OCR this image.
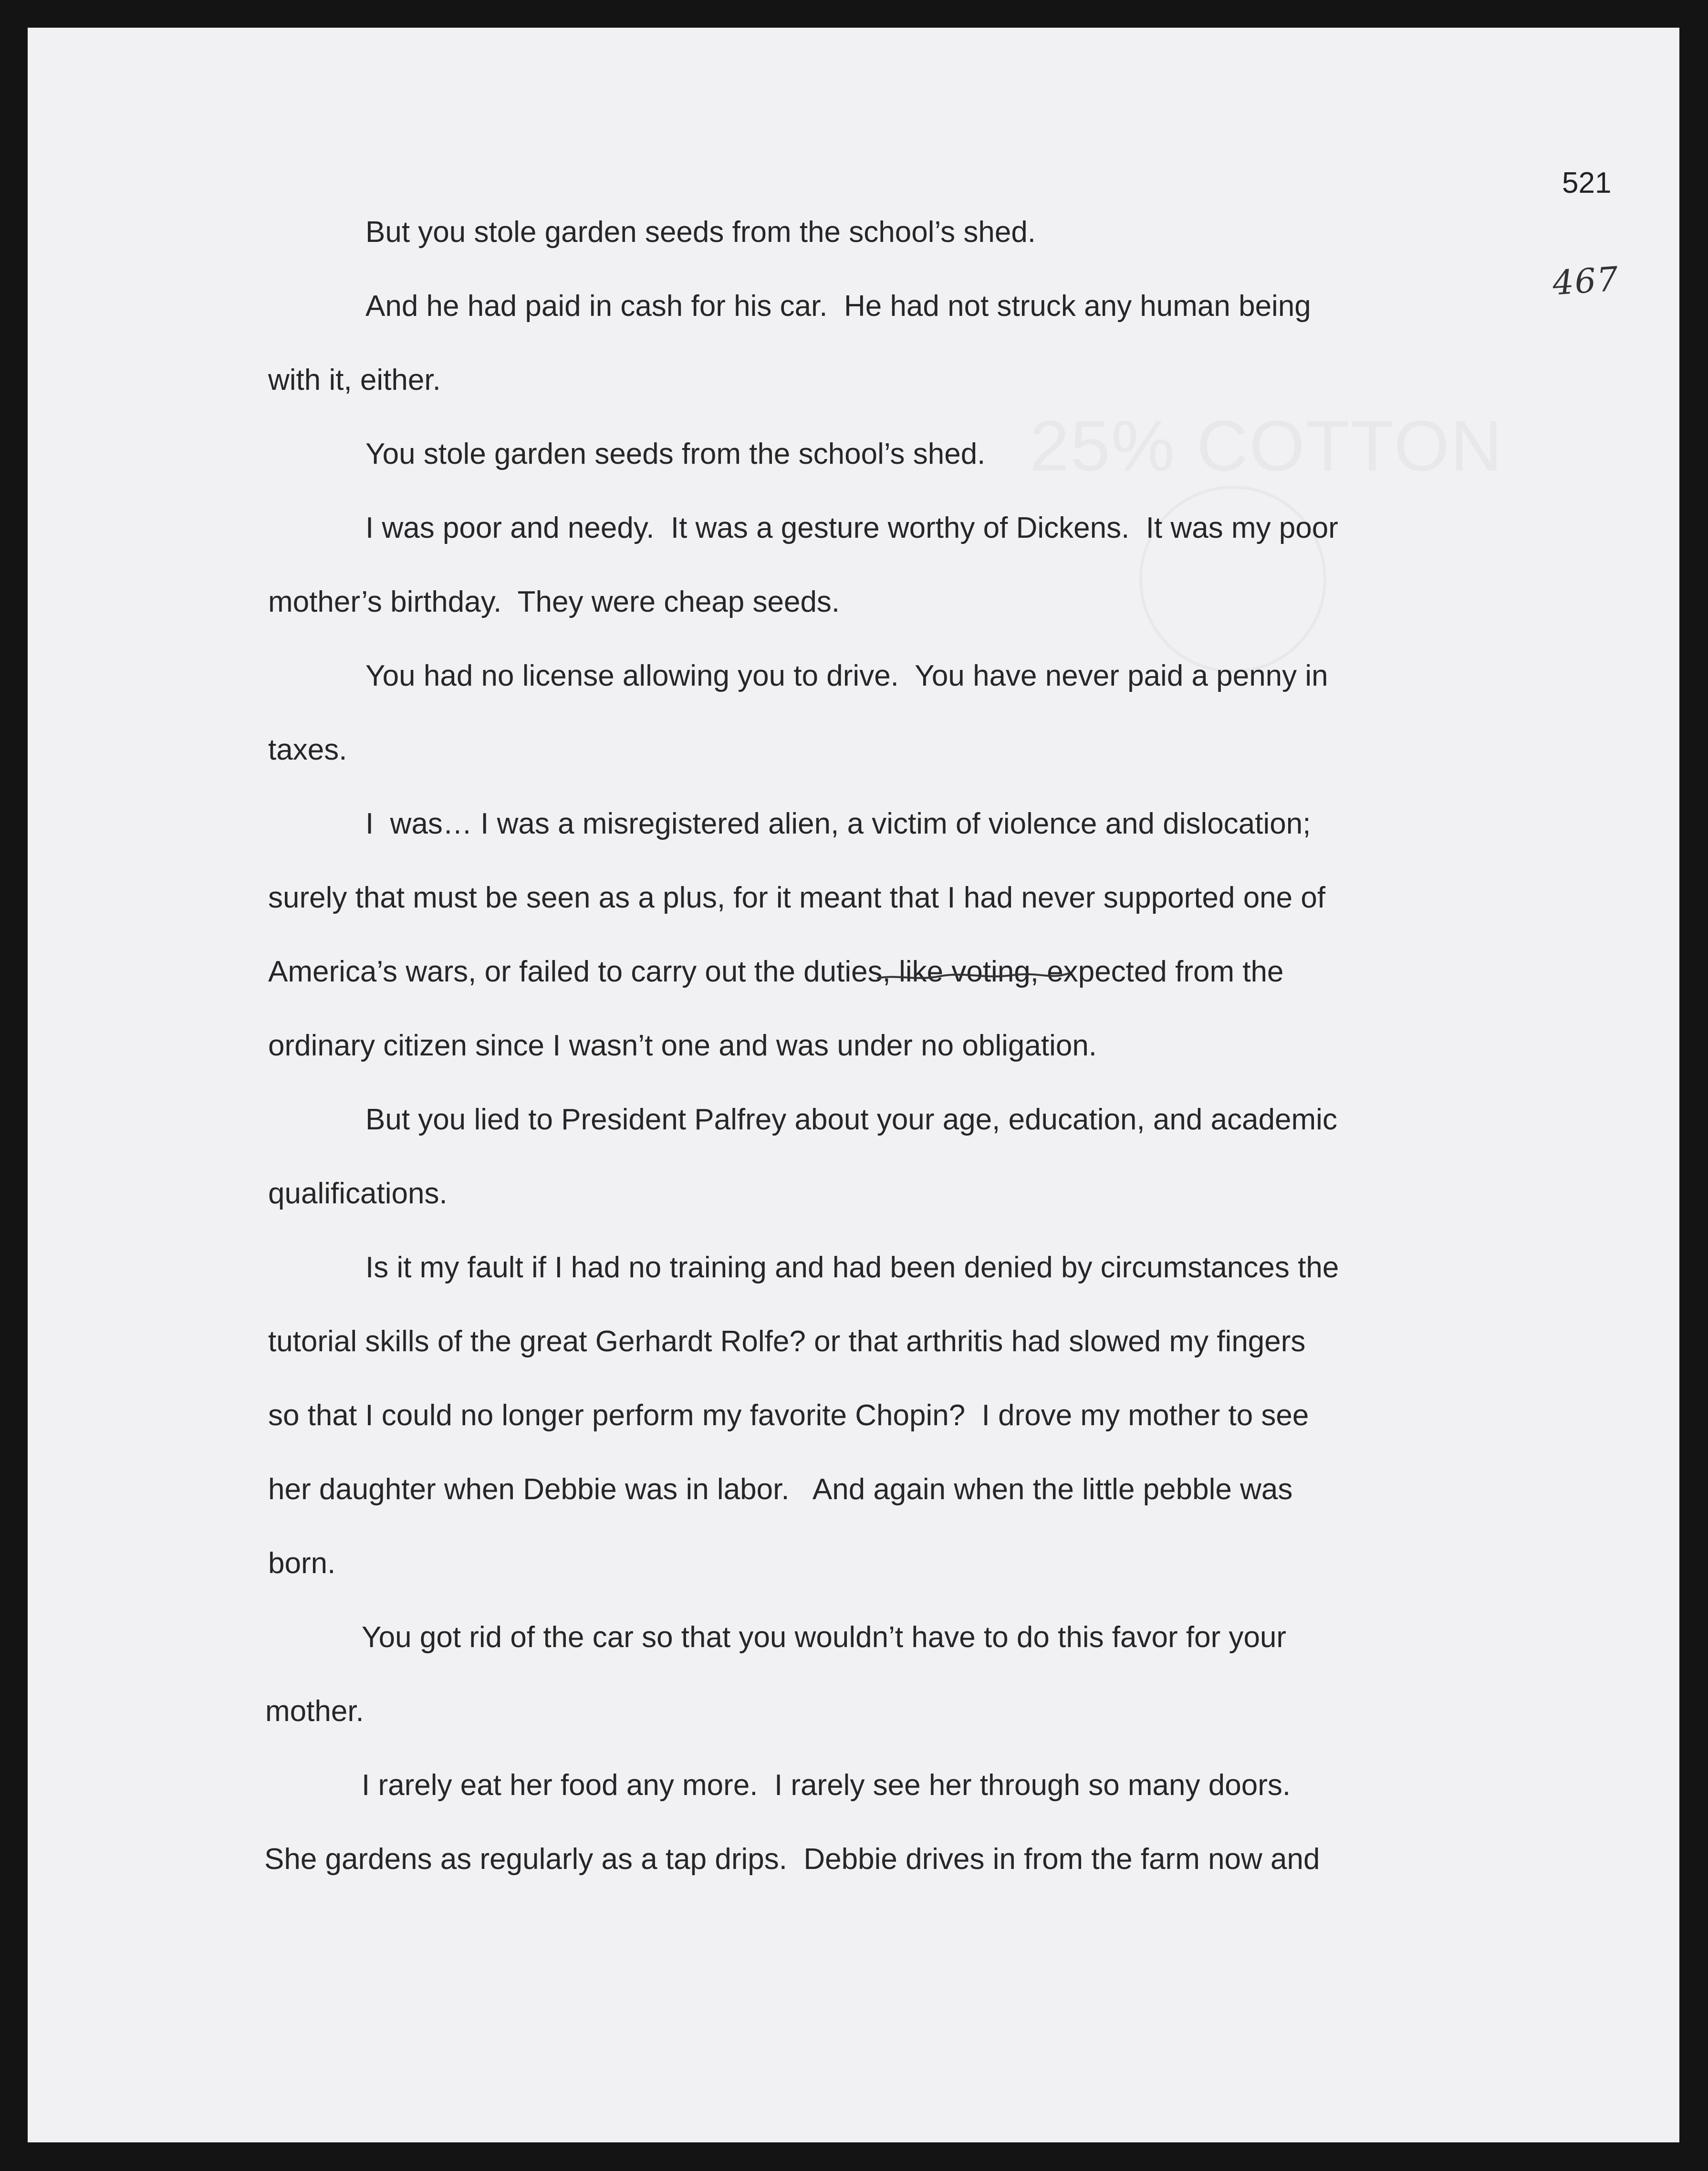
25% COTTON
521
467
But you stole garden seeds from the school’s shed.
And he had paid in cash for his car.  He had not struck any human being
with it, either.
You stole garden seeds from the school’s shed.
I was poor and needy.  It was a gesture worthy of Dickens.  It was my poor
mother’s birthday.  They were cheap seeds.
You had no license allowing you to drive.  You have never paid a penny in
taxes.
I  was… I was a misregistered alien, a victim of violence and dislocation;
surely that must be seen as a plus, for it meant that I had never supported one of
America’s wars, or failed to carry out the duties, like voting,
expected from the
ordinary citizen since I wasn’t one and was under no obligation.
But you lied to President Palfrey about your age, education, and academic
qualifications.
Is it my fault if I had no training and had been denied by circumstances the
tutorial skills of the great Gerhardt Rolfe? or that arthritis had slowed my fingers
so that I could no longer perform my favorite Chopin?  I drove my mother to see
her daughter when Debbie was in labor.   And again when the little pebble was
born.
You got rid of the car so that you wouldn’t have to do this favor for your
mother.
I rarely eat her food any more.  I rarely see her through so many doors.
She gardens as regularly as a tap drips.  Debbie drives in from the farm now and
